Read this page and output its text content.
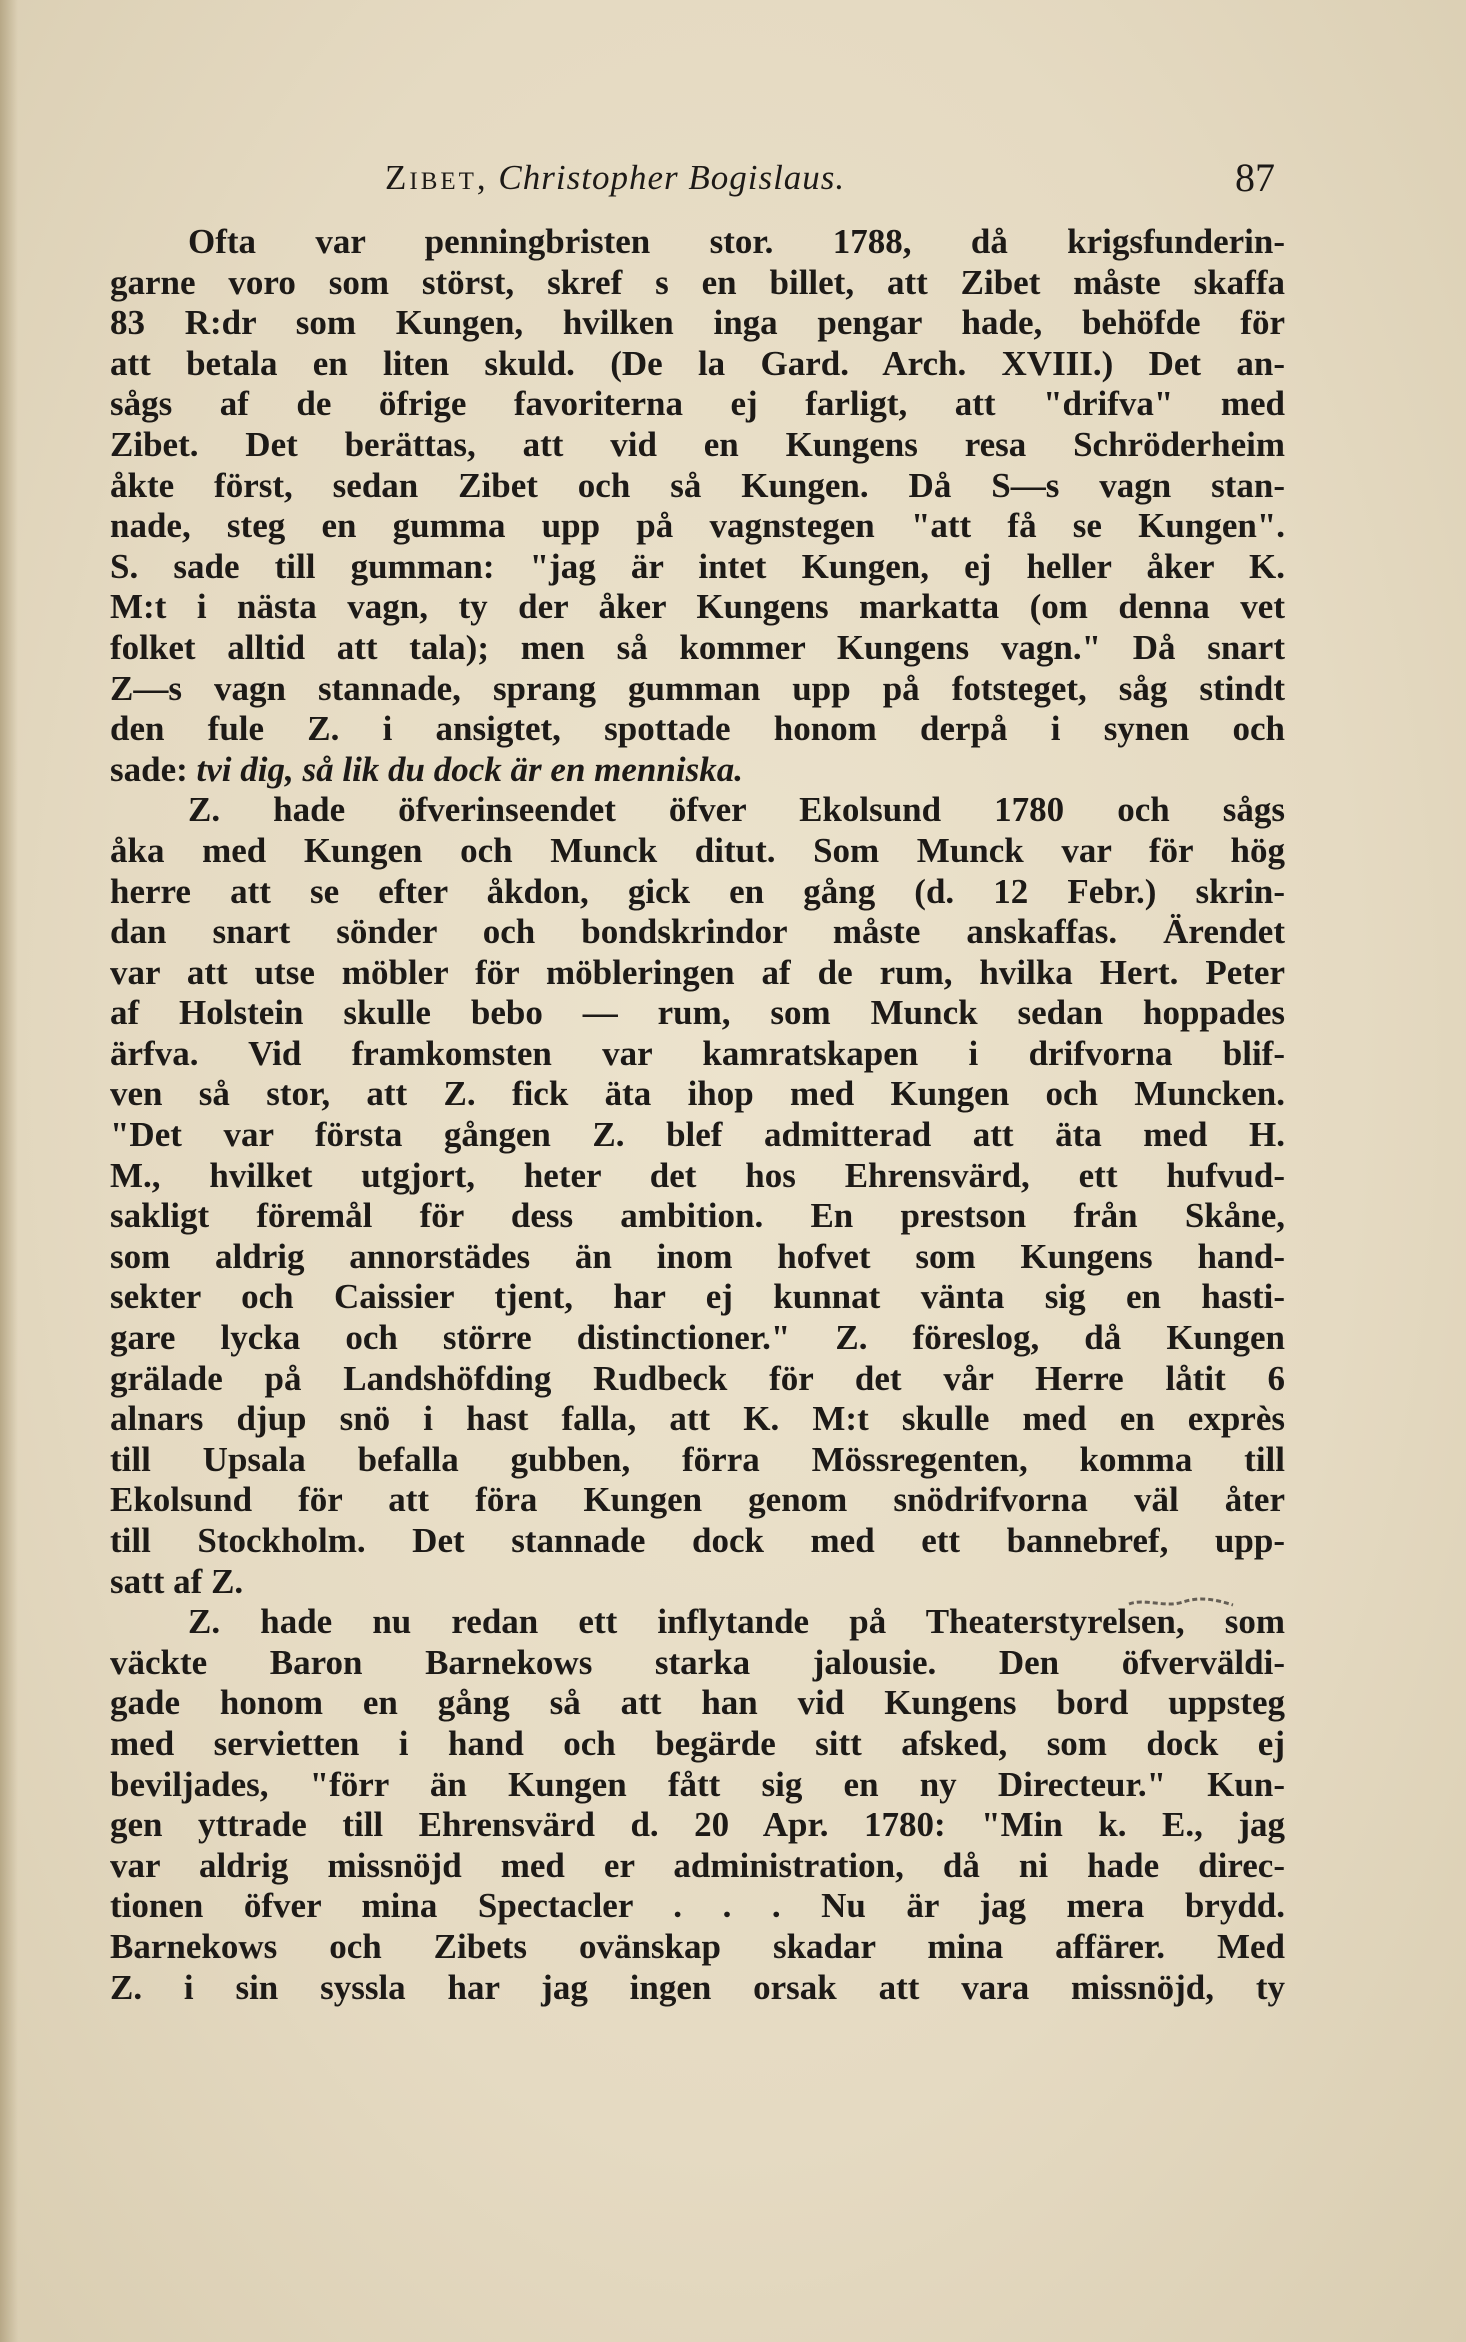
Zibet, Christopher Bogislaus.	87
Ofta var penningbristen stor. 1788, då krigsfunderin-
garne voro som störst, skref s en billet, att Zibet måste skaffa
83 R:dr som Kungen, hvilken inga pengar hade, behöfde för
att betala en liten skuld. (De la Gard. Arch. XVIII.) Det an-
sågs af de öfrige favoriterna ej farligt, att "drifva" med
Zibet. Det berättas, att vid en Kungens resa Schröderheim
åkte först, sedan Zibet och så Kungen. Då S—s vagn stan-
nade, steg en gumma upp på vagnstegen "att få se Kungen".
S. sade till gumman: "jag är intet Kungen, ej heller åker K.
M:t i nästa vagn, ty der åker Kungens markatta (om denna vet
folket alltid att tala); men så kommer Kungens vagn." Då snart
Z—s vagn stannade, sprang gumman upp på fotsteget, såg stindt
den fule Z. i ansigtet, spottade honom derpå i synen och
sade: tvi dig, så lik du dock är en menniska.
Z. hade öfverinseendet öfver Ekolsund 1780 och sågs
åka med Kungen och Munck ditut. Som Munck var för hög
herre att se efter åkdon, gick en gång (d. 12 Febr.) skrin-
dan snart sönder och bondskrindor måste anskaffas. Ärendet
var att utse möbler för möbleringen af de rum, hvilka Hert. Peter
af Holstein skulle bebo — rum, som Munck sedan hoppades
ärfva. Vid framkomsten var kamratskapen i drifvorna blif-
ven så stor, att Z. fick äta ihop med Kungen och Muncken.
"Det var första gången Z. blef admitterad att äta med H.
M., hvilket utgjort, heter det hos Ehrensvärd, ett hufvud-
sakligt föremål för dess ambition. En prestson från Skåne,
som aldrig annorstädes än inom hofvet som Kungens hand-
sekter och Caissier tjent, har ej kunnat vänta sig en hasti-
gare lycka och större distinctioner." Z. föreslog, då Kungen
grälade på Landshöfding Rudbeck för det vår Herre låtit 6
alnars djup snö i hast falla, att K. M:t skulle med en exprès
till Upsala befalla gubben, förra Mössregenten, komma till
Ekolsund för att föra Kungen genom snödrifvorna väl åter
till Stockholm. Det stannade dock med ett bannebref, upp-
satt af Z.
Z. hade nu redan ett inflytande på Theaterstyrelsen, som
väckte Baron Barnekows starka jalousie. Den öfverväldi-
gade honom en gång så att han vid Kungens bord uppsteg
med servietten i hand och begärde sitt afsked, som dock ej
beviljades, "förr än Kungen fått sig en ny Directeur." Kun-
gen yttrade till Ehrensvärd d. 20 Apr. 1780: "Min k. E., jag
var aldrig missnöjd med er administration, då ni hade direc-
tionen öfver mina Spectacler . . . Nu är jag mera brydd.
Barnekows och Zibets ovänskap skadar mina affärer. Med
Z. i sin syssla har jag ingen orsak att vara missnöjd, ty
